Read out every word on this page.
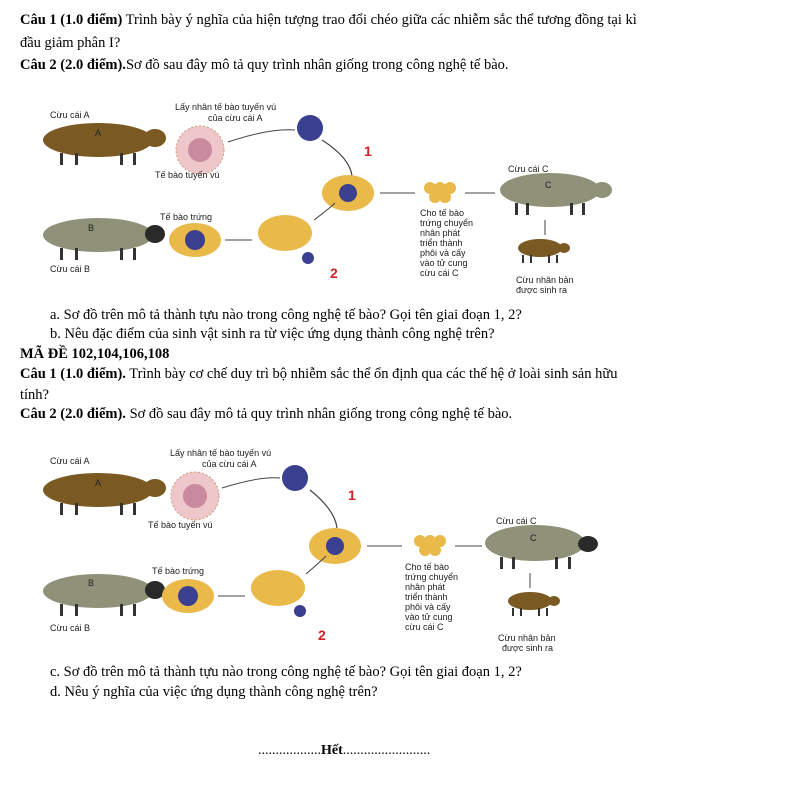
Câu 1 (1.0 điểm) Trình bày ý nghĩa của hiện tượng trao đổi chéo giữa các nhiễm sắc thể tương đồng tại kì
đầu giảm phân I?
Câu 2 (2.0 điểm).Sơ đồ sau đây mô tả quy trình nhân giống trong công nghệ tế bào.
Cừu cái A
A
Lấy nhân tế bào tuyến vú
của cừu cái A
Tế bào tuyến vú
1
Cừu cái C
C
Cừu nhân bản
được sinh ra
Cho tế bào
trứng chuyển
nhân phát
triển thành
phôi và cấy
vào tử cung
cừu cái C
B
Cừu cái B
Tế bào trứng
2
a. Sơ đồ trên mô tả thành tựu nào trong công nghệ tế bào? Gọi tên giai đoạn 1, 2?
b. Nêu đặc điểm của sinh vật sinh ra từ việc ứng dụng thành công nghệ trên?
MÃ ĐỀ 102,104,106,108
Câu 1 (1.0 điểm). Trình bày cơ chế duy trì bộ nhiễm sắc thể ổn định qua các thế hệ ở loài sinh sản hữu
tính?
Câu 2 (2.0 điểm). Sơ đồ sau đây mô tả quy trình nhân giống trong công nghệ tế bào.
Cừu cái A
A
Lấy nhân tế bào tuyến vú
của cừu cái A
Tế bào tuyến vú
1
Cừu cái C
C
Cừu nhân bản
được sinh ra
Cho tế bào
trứng chuyển
nhân phát
triển thành
phôi và cấy
vào tử cung
cừu cái C
B
Cừu cái B
Tế bào trứng
2
c. Sơ đồ trên mô tả thành tựu nào trong công nghệ tế bào? Gọi tên giai đoạn 1, 2?
d. Nêu ý nghĩa của việc ứng dụng thành công nghệ trên?
..................Hết.........................
